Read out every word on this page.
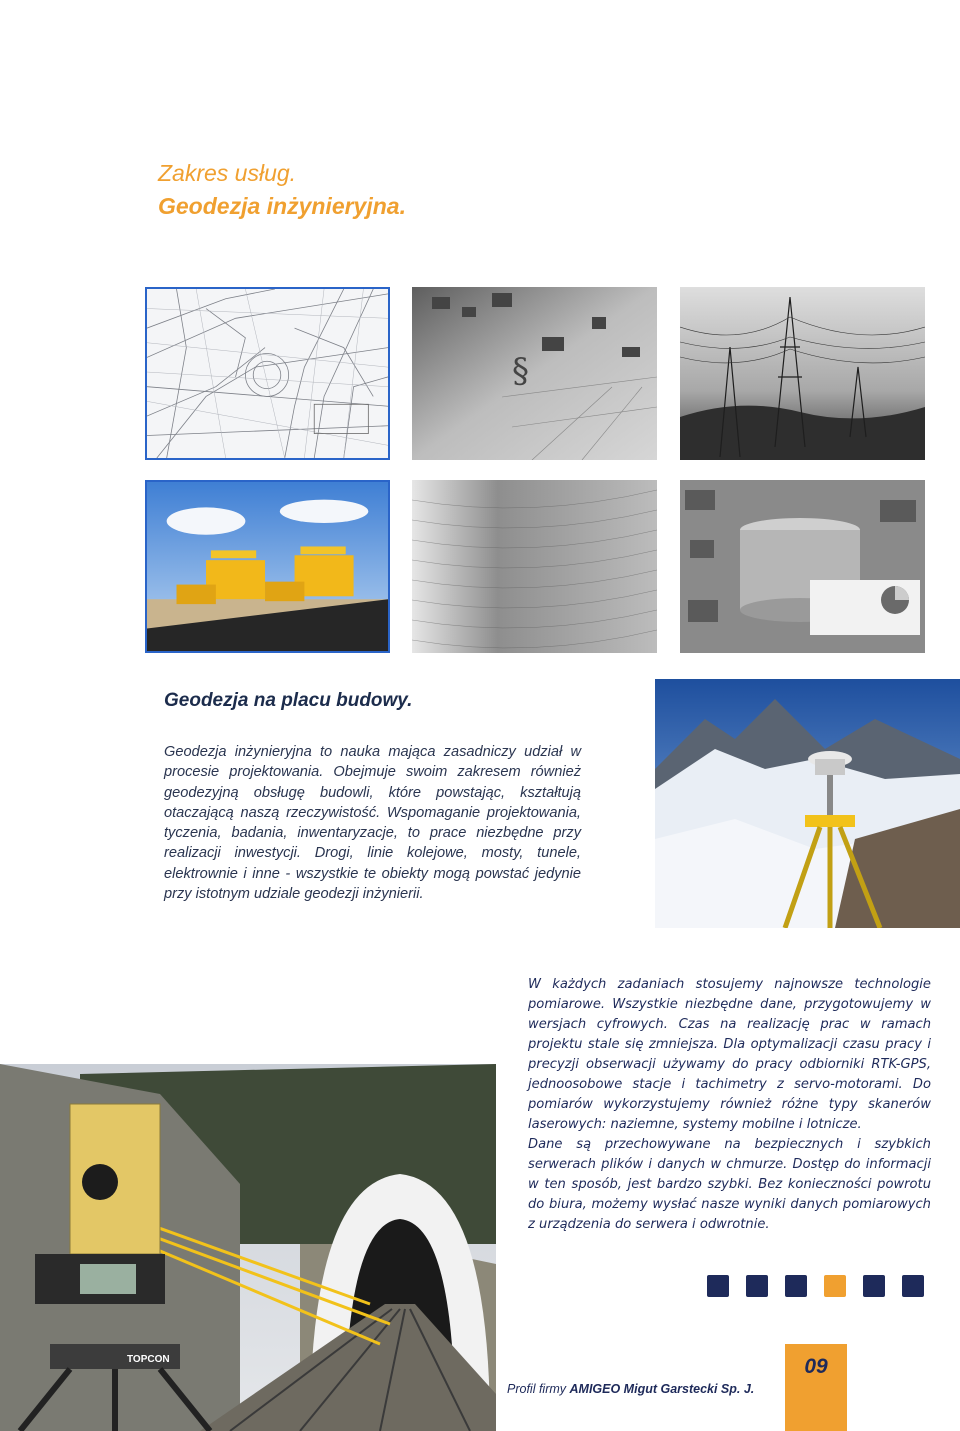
Zakres usług.
Geodezja inżynieryjna.
§
Geodezja na placu budowy.

Geodezja inżynieryjna to nauka mająca zasadniczy udział w procesie projektowania. Obejmuje swoim zakresem również geodezyjną obsługę budowli, które powstając, kształtują otaczającą naszą rzeczywistość. Wspomaganie projektowania, tyczenia, badania, inwentaryzacje, to prace niezbędne przy realizacji inwestycji. Drogi, linie kolejowe, mosty, tunele, elektrownie i inne - wszystkie te obiekty mogą powstać jedynie przy istotnym udziale geodezji inżynierii.

W każdych zadaniach stosujemy najnowsze technologie pomiarowe. Wszystkie niezbędne dane, przygotowujemy w wersjach cyfrowych. Czas na realizację prac w ramach projektu stale się zmniejsza. Dla optymalizacji czasu pracy i precyzji obserwacji używamy do pracy odbiorniki RTK-GPS, jednoosobowe stacje i tachimetry z servo-motorami. Do pomiarów wykorzystujemy również różne typy skanerów laserowych: naziemne, systemy mobilne i lotnicze.
Dane są przechowywane na bezpiecznych i szybkich serwerach plików i danych w chmurze. Dostęp do informacji w ten sposób, jest bardzo szybki. Bez konieczności powrotu do biura, możemy wysłać nasze wyniki danych pomiarowych z urządzenia do serwera i odwrotnie.
TOPCON
Profil firmy AMIGEO Migut Garstecki Sp. J.
09
